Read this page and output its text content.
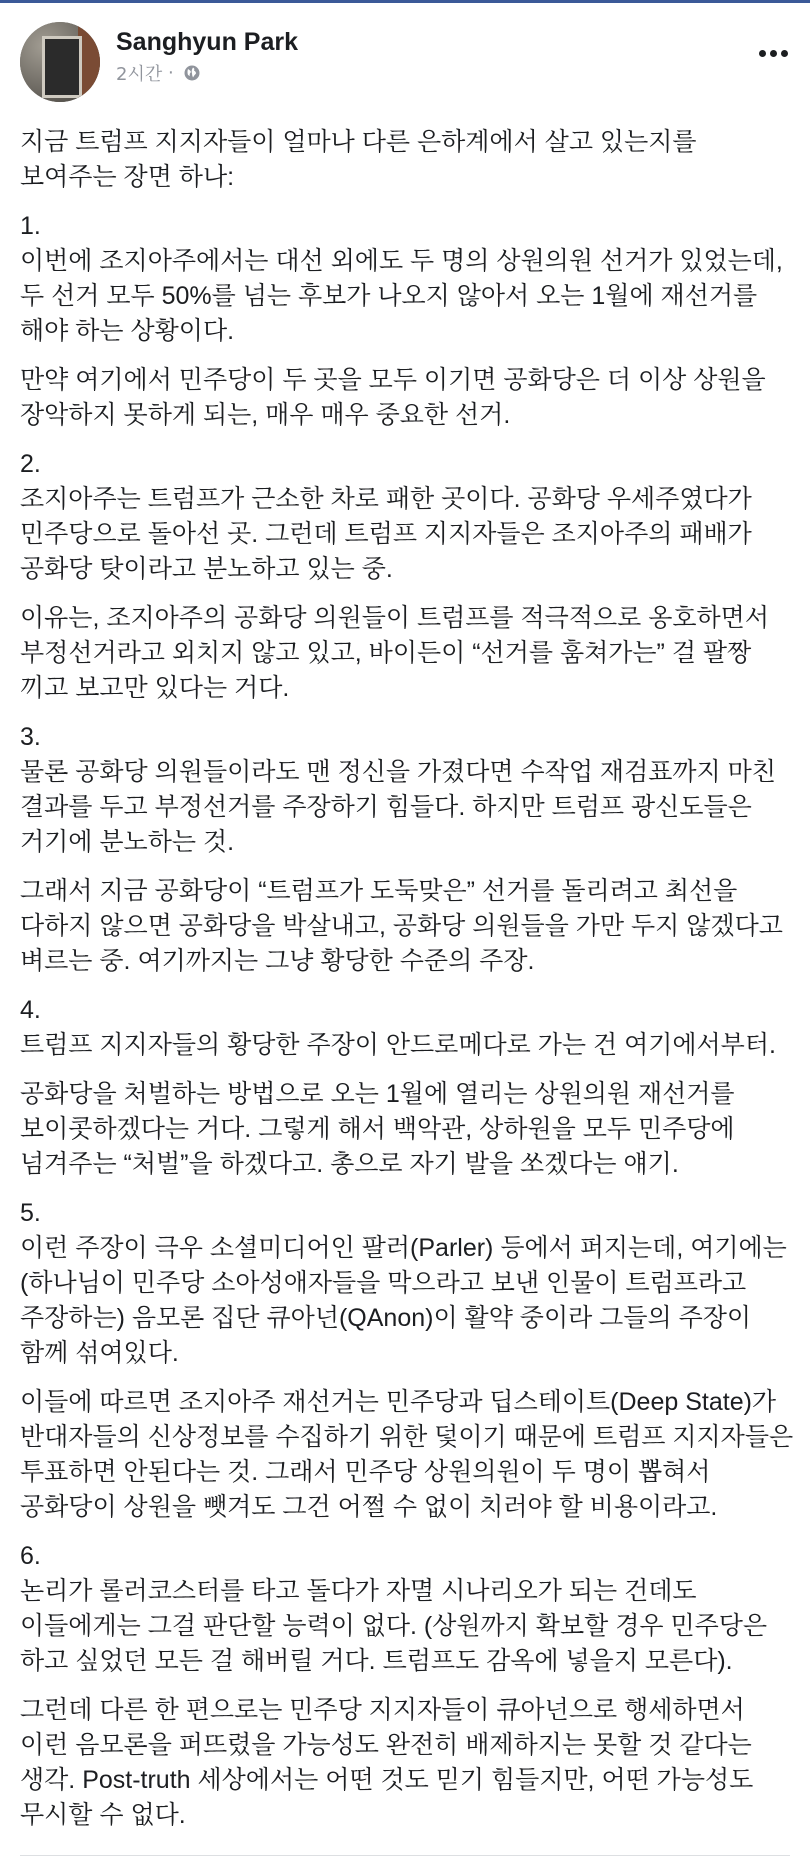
Sanghyun Park
2시간 ·

지금 트럼프 지지자들이 얼마나 다른 은하계에서 살고 있는지를 보여주는 장면 하나:

1.
이번에 조지아주에서는 대선 외에도 두 명의 상원의원 선거가 있었는데, 두 선거 모두 50%를 넘는 후보가 나오지 않아서 오는 1월에 재선거를 해야 하는 상황이다.

만약 여기에서 민주당이 두 곳을 모두 이기면 공화당은 더 이상 상원을 장악하지 못하게 되는, 매우 매우 중요한 선거.

2.
조지아주는 트럼프가 근소한 차로 패한 곳이다. 공화당 우세주였다가 민주당으로 돌아선 곳. 그런데 트럼프 지지자들은 조지아주의 패배가 공화당 탓이라고 분노하고 있는 중.

이유는, 조지아주의 공화당 의원들이 트럼프를 적극적으로 옹호하면서 부정선거라고 외치지 않고 있고, 바이든이 “선거를 훔쳐가는” 걸 팔짱 끼고 보고만 있다는 거다.

3.
물론 공화당 의원들이라도 맨 정신을 가졌다면 수작업 재검표까지 마친 결과를 두고 부정선거를 주장하기 힘들다. 하지만 트럼프 광신도들은 거기에 분노하는 것.

그래서 지금 공화당이 “트럼프가 도둑맞은” 선거를 돌리려고 최선을 다하지 않으면 공화당을 박살내고, 공화당 의원들을 가만 두지 않겠다고 벼르는 중. 여기까지는 그냥 황당한 수준의 주장.

4.
트럼프 지지자들의 황당한 주장이 안드로메다로 가는 건 여기에서부터.

공화당을 처벌하는 방법으로 오는 1월에 열리는 상원의원 재선거를 보이콧하겠다는 거다. 그렇게 해서 백악관, 상하원을 모두 민주당에 넘겨주는 “처벌”을 하겠다고. 총으로 자기 발을 쏘겠다는 얘기.

5.
이런 주장이 극우 소셜미디어인 팔러(Parler) 등에서 퍼지는데, 여기에는 (하나님이 민주당 소아성애자들을 막으라고 보낸 인물이 트럼프라고 주장하는) 음모론 집단 큐아넌(QAnon)이 활약 중이라 그들의 주장이 함께 섞여있다.

이들에 따르면 조지아주 재선거는 민주당과 딥스테이트(Deep State)가 반대자들의 신상정보를 수집하기 위한 덫이기 때문에 트럼프 지지자들은 투표하면 안된다는 것. 그래서 민주당 상원의원이 두 명이 뽑혀서 공화당이 상원을 뺏겨도 그건 어쩔 수 없이 치러야 할 비용이라고.

6.
논리가 롤러코스터를 타고 돌다가 자멸 시나리오가 되는 건데도 이들에게는 그걸 판단할 능력이 없다. (상원까지 확보할 경우 민주당은 하고 싶었던 모든 걸 해버릴 거다. 트럼프도 감옥에 넣을지 모른다).

그런데 다른 한 편으로는 민주당 지지자들이 큐아넌으로 행세하면서 이런 음모론을 퍼뜨렸을 가능성도 완전히 배제하지는 못할 것 같다는 생각. Post-truth 세상에서는 어떤 것도 믿기 힘들지만, 어떤 가능성도 무시할 수 없다.
